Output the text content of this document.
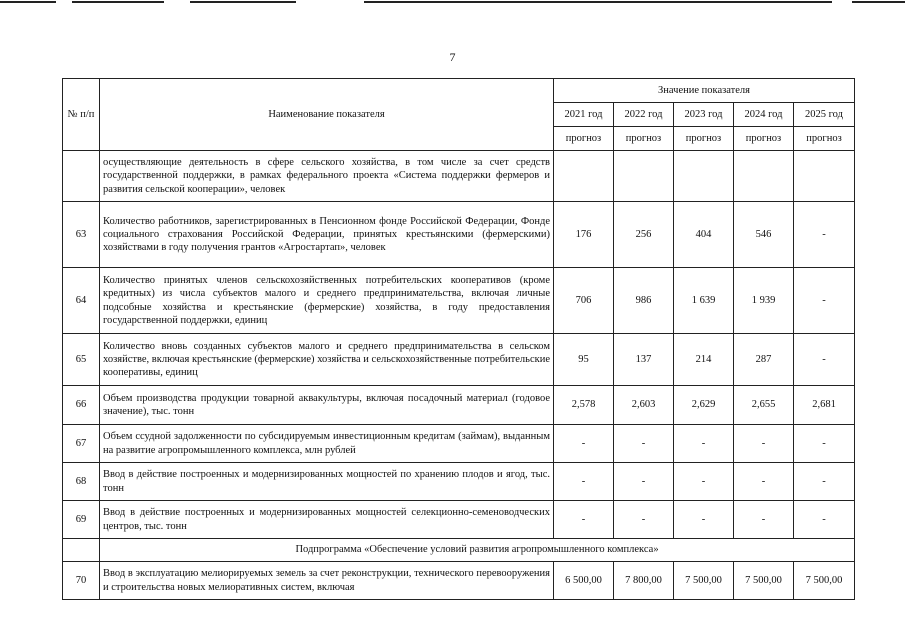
7
№ п/п	Наименование показателя	Значение показателя				
		2021 год	2022 год	2023 год	2024 год	2025 год
		прогноз	прогноз	прогноз	прогноз	прогноз
	осуществляющие деятельность в сфере сельского хозяйства, в том числе за счет средств государственной поддержки, в рамках федерального проекта «Система поддержки фермеров и развития сельской кооперации», человек					
63	Количество работников, зарегистрированных в Пенсионном фонде Российской Федерации, Фонде социального страхования Российской Федерации, принятых крестьянскими (фермерскими) хозяйствами в году получения грантов «Агростартап», человек	176	256	404	546	-
64	Количество принятых членов сельскохозяйственных потребительских кооперативов (кроме кредитных) из числа субъектов малого и среднего предпринимательства, включая личные подсобные хозяйства и крестьянские (фермерские) хозяйства, в году предоставления государственной поддержки, единиц	706	986	1 639	1 939	-
65	Количество вновь созданных субъектов малого и среднего предпринимательства в сельском хозяйстве, включая крестьянские (фермерские) хозяйства и сельскохозяйственные потребительские кооперативы, единиц	95	137	214	287	-
66	Объем производства продукции товарной аквакультуры, включая посадочный материал (годовое значение), тыс. тонн	2,578	2,603	2,629	2,655	2,681
67	Объем ссудной задолженности по субсидируемым инвестиционным кредитам (займам), выданным на развитие агропромышленного комплекса, млн рублей	-	-	-	-	-
68	Ввод в действие построенных и модернизированных мощностей по хранению плодов и ягод, тыс. тонн	-	-	-	-	-
69	Ввод в действие построенных и модернизированных мощностей селекционно-семеноводческих центров, тыс. тонн	-	-	-	-	-
	Подпрограмма «Обеспечение условий развития агропромышленного комплекса»					
70	Ввод в эксплуатацию мелиорируемых земель за счет реконструкции, технического перевооружения и строительства новых мелиоративных систем, включая	6 500,00	7 800,00	7 500,00	7 500,00	7 500,00
